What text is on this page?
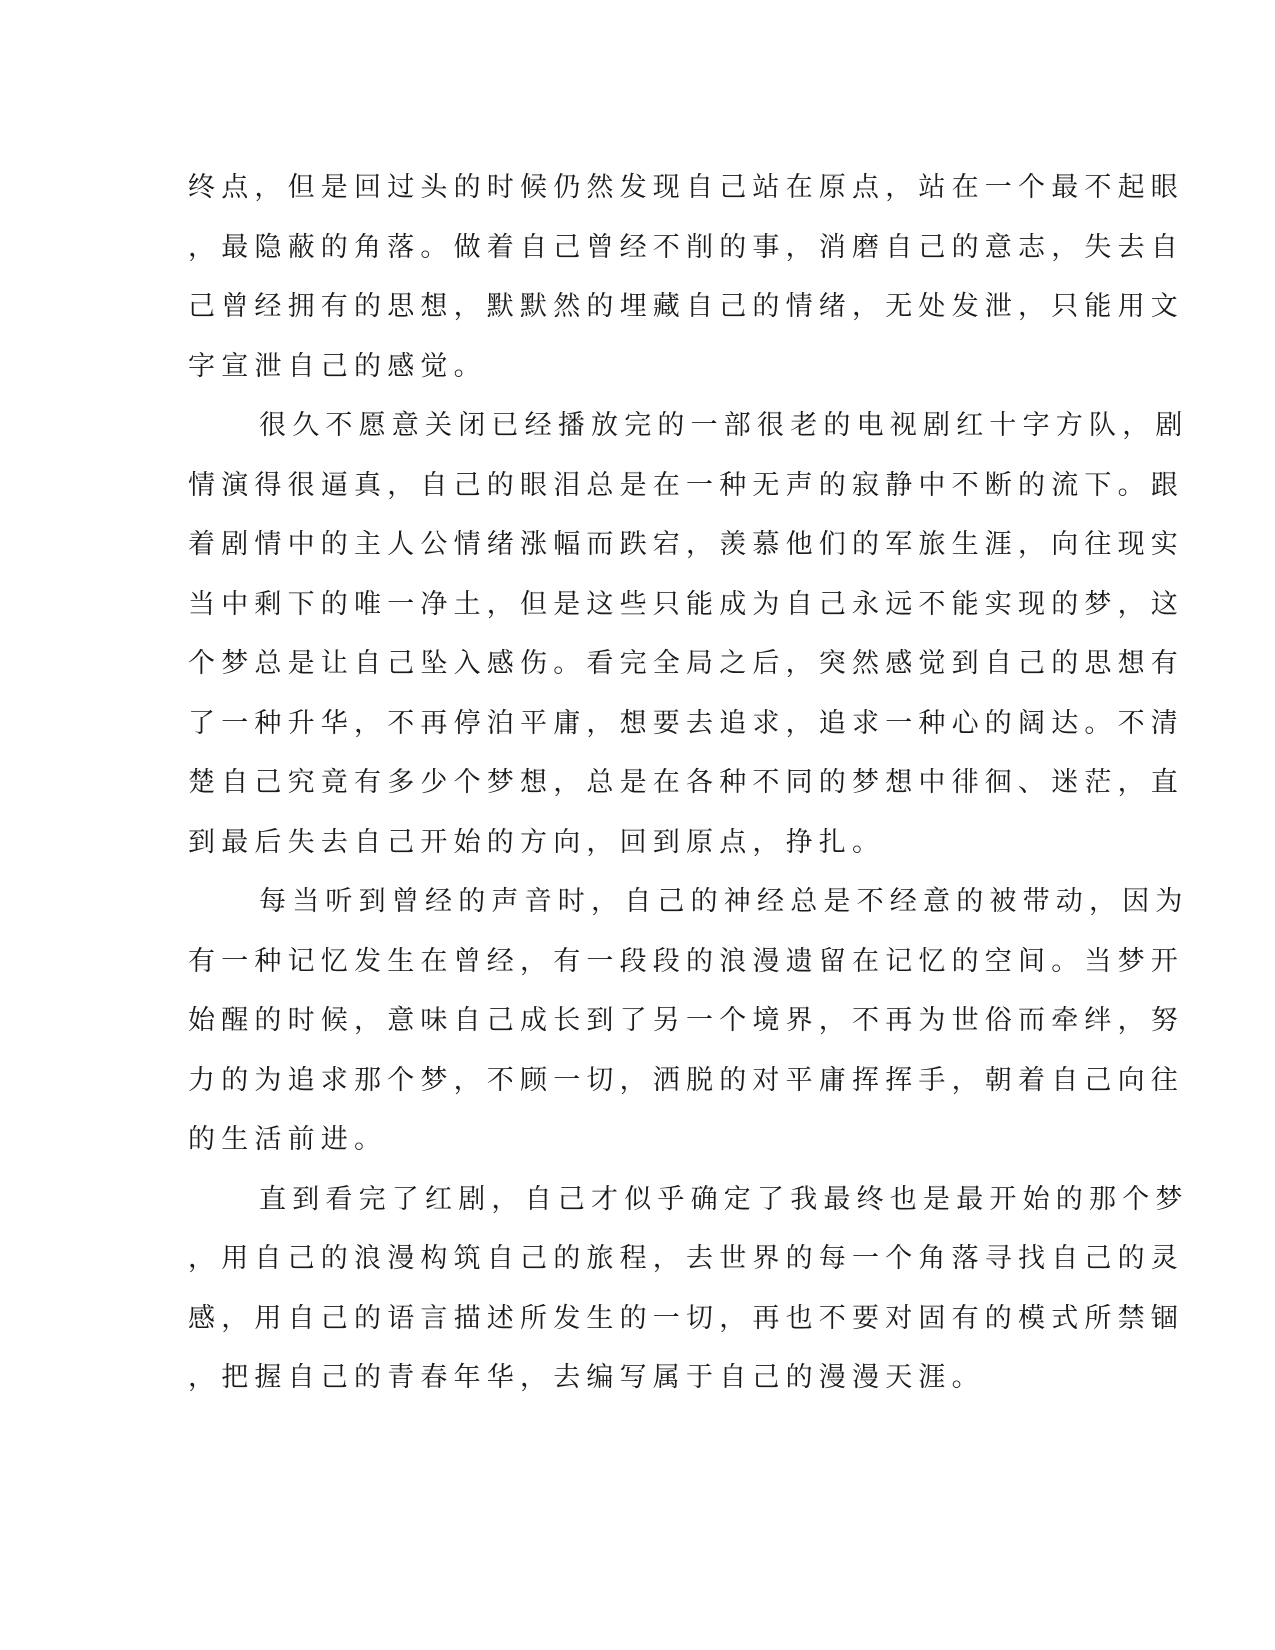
终点，但是回过头的时候仍然发现自己站在原点，站在一个最不起眼
，最隐蔽的角落。做着自己曾经不削的事，消磨自己的意志，失去自
己曾经拥有的思想，默默然的埋藏自己的情绪，无处发泄，只能用文
字宣泄自己的感觉。
很久不愿意关闭已经播放完的一部很老的电视剧红十字方队，剧
情演得很逼真，自己的眼泪总是在一种无声的寂静中不断的流下。跟
着剧情中的主人公情绪涨幅而跌宕，羡慕他们的军旅生涯，向往现实
当中剩下的唯一净土，但是这些只能成为自己永远不能实现的梦，这
个梦总是让自己坠入感伤。看完全局之后，突然感觉到自己的思想有
了一种升华，不再停泊平庸，想要去追求，追求一种心的阔达。不清
楚自己究竟有多少个梦想，总是在各种不同的梦想中徘徊、迷茫，直
到最后失去自己开始的方向，回到原点，挣扎。
每当听到曾经的声音时，自己的神经总是不经意的被带动，因为
有一种记忆发生在曾经，有一段段的浪漫遗留在记忆的空间。当梦开
始醒的时候，意味自己成长到了另一个境界，不再为世俗而牵绊，努
力的为追求那个梦，不顾一切，洒脱的对平庸挥挥手，朝着自己向往
的生活前进。
直到看完了红剧，自己才似乎确定了我最终也是最开始的那个梦
，用自己的浪漫构筑自己的旅程，去世界的每一个角落寻找自己的灵
感，用自己的语言描述所发生的一切，再也不要对固有的模式所禁锢
，把握自己的青春年华，去编写属于自己的漫漫天涯。
